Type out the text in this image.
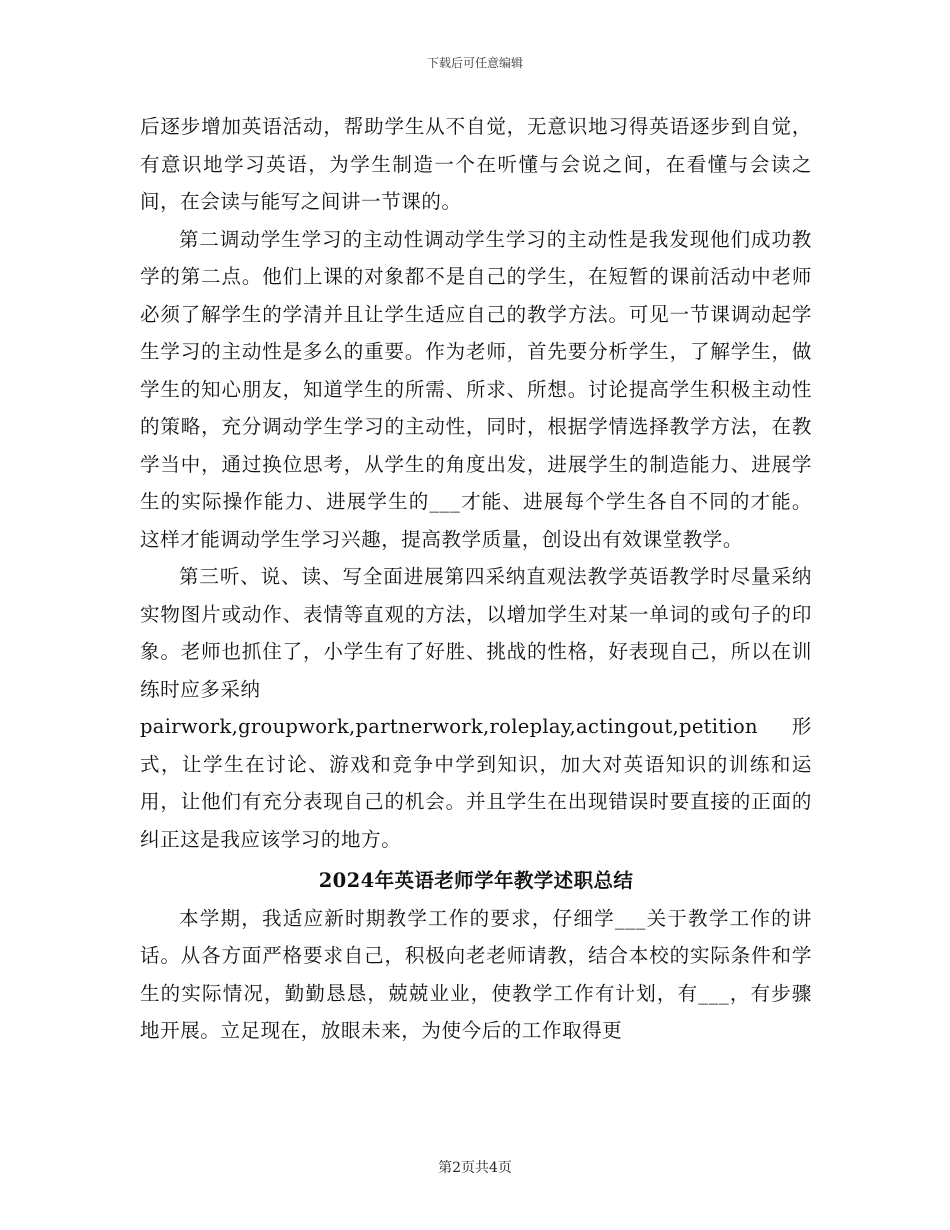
下载后可任意编辑

后逐步增加英语活动，帮助学生从不自觉，无意识地习得英语逐步到自觉，有意识地学习英语，为学生制造一个在听懂与会说之间，在看懂与会读之间，在会读与能写之间讲一节课的。

第二调动学生学习的主动性调动学生学习的主动性是我发现他们成功教学的第二点。他们上课的对象都不是自己的学生，在短暂的课前活动中老师必须了解学生的学清并且让学生适应自己的教学方法。可见一节课调动起学生学习的主动性是多么的重要。作为老师，首先要分析学生，了解学生，做学生的知心朋友，知道学生的所需、所求、所想。讨论提高学生积极主动性的策略，充分调动学生学习的主动性，同时，根据学情选择教学方法，在教学当中，通过换位思考，从学生的角度出发，进展学生的制造能力、进展学生的实际操作能力、进展学生的___才能、进展每个学生各自不同的才能。这样才能调动学生学习兴趣，提高教学质量，创设出有效课堂教学。

第三听、说、读、写全面进展第四采纳直观法教学英语教学时尽量采纳实物图片或动作、表情等直观的方法，以增加学生对某一单词的或句子的印象。老师也抓住了，小学生有了好胜、挑战的性格，好表现自己，所以在训练时应多采纳
pairwork,groupwork,partnerwork,roleplay,actingout,petition形式，让学生在讨论、游戏和竞争中学到知识，加大对英语知识的训练和运用，让他们有充分表现自己的机会。并且学生在出现错误时要直接的正面的纠正这是我应该学习的地方。

2024年英语老师学年教学述职总结

本学期，我适应新时期教学工作的要求，仔细学___关于教学工作的讲话。从各方面严格要求自己，积极向老老师请教，结合本校的实际条件和学生的实际情况，勤勤恳恳，兢兢业业，使教学工作有计划，有___，有步骤地开展。立足现在，放眼未来，为使今后的工作取得更

第2页共4页
